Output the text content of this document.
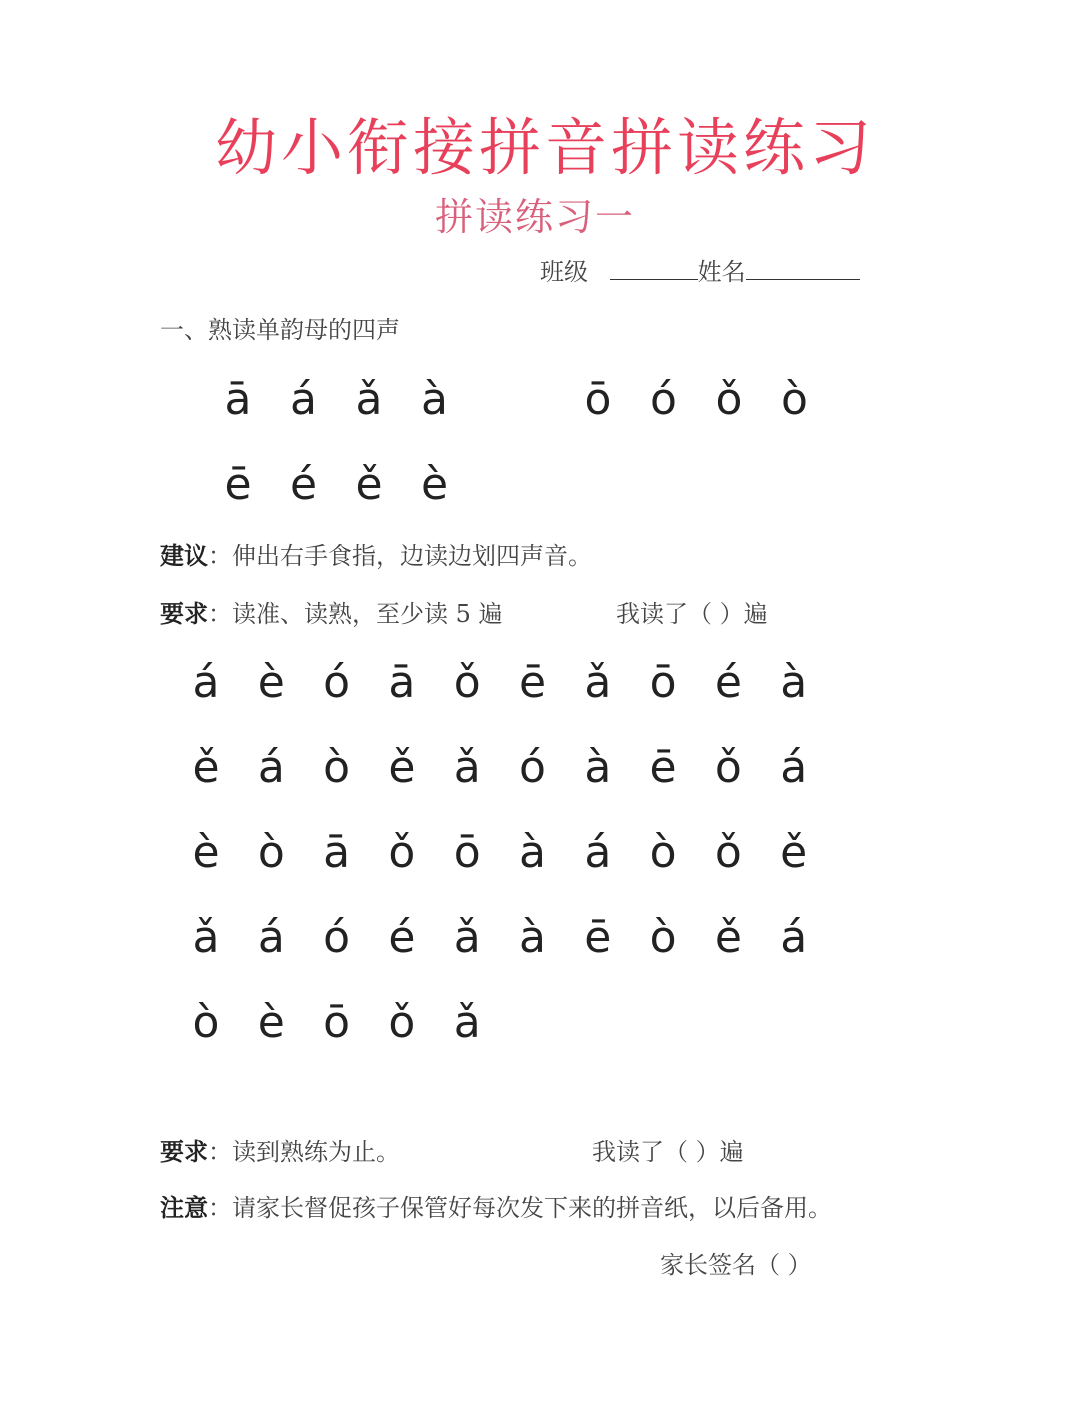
幼小衔接拼音拼读练习
拼读练习一
班级	姓名
一、熟读单韵母的四声
ā á ǎ à	ō ó ǒ ò
ē é ě è
建议：伸出右手食指，边读边划四声音。
要求：读准、读熟，至少读 5 遍	我读了（ ）遍
á è ó ā ǒ ē ǎ ō é à
ě á ò ě ǎ ó à ē ǒ á
è ò ā ǒ ō à á ò ǒ ě
ǎ á ó é ǎ à ē ò ě á
ò è ō ǒ ǎ
要求：读到熟练为止。	我读了（ ）遍
注意：请家长督促孩子保管好每次发下来的拼音纸，以后备用。
家长签名（ ）
